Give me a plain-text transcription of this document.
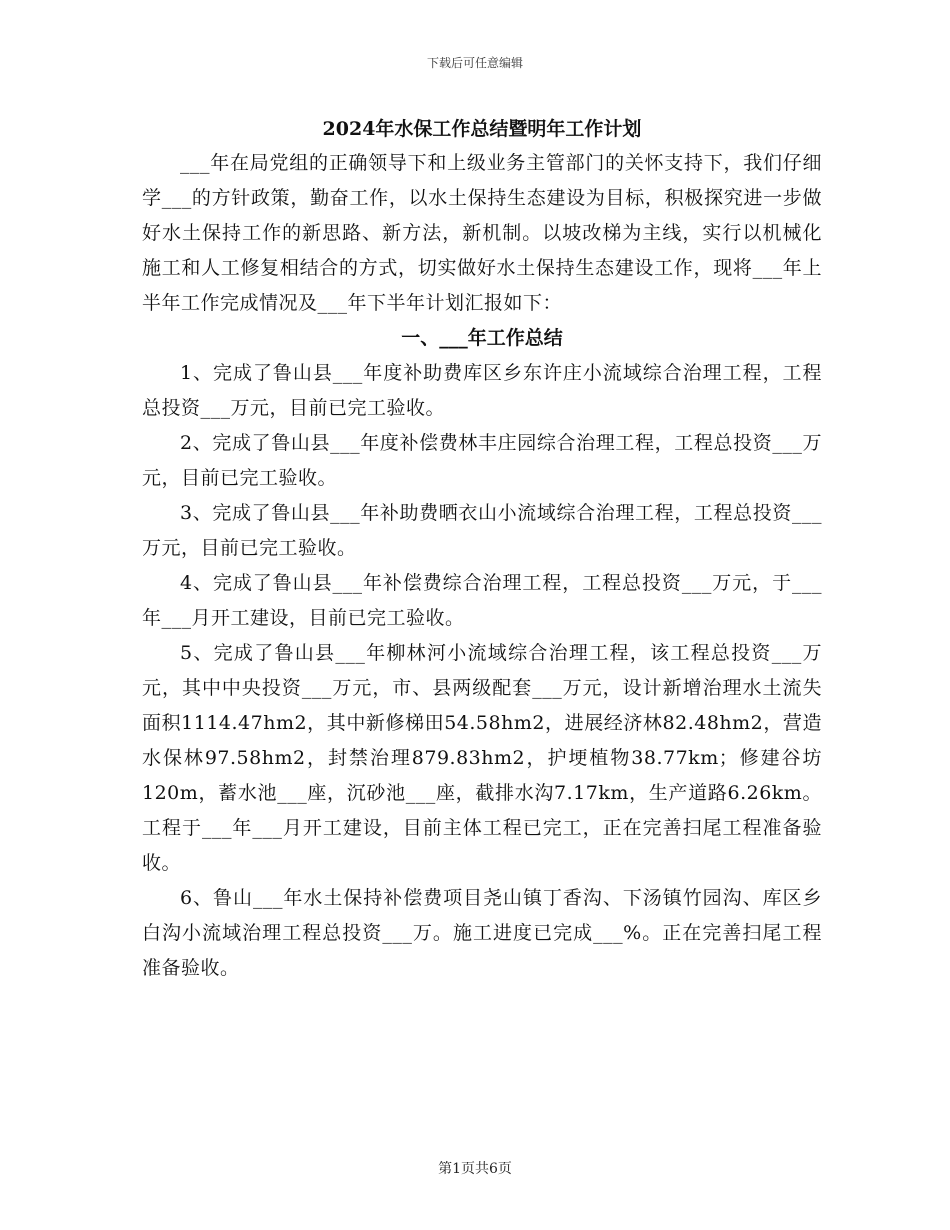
下载后可任意编辑
2024年水保工作总结暨明年工作计划

___年在局党组的正确领导下和上级业务主管部门的关怀支持下，我们仔细学___的方针政策，勤奋工作，以水土保持生态建设为目标，积极探究进一步做好水土保持工作的新思路、新方法，新机制。以坡改梯为主线，实行以机械化施工和人工修复相结合的方式，切实做好水土保持生态建设工作，现将___年上半年工作完成情况及___年下半年计划汇报如下：

一、___年工作总结

1、完成了鲁山县___年度补助费库区乡东许庄小流域综合治理工程，工程总投资___万元，目前已完工验收。

2、完成了鲁山县___年度补偿费林丰庄园综合治理工程，工程总投资___万元，目前已完工验收。

3、完成了鲁山县___年补助费晒衣山小流域综合治理工程，工程总投资___万元，目前已完工验收。

4、完成了鲁山县___年补偿费综合治理工程，工程总投资___万元，于___年___月开工建设，目前已完工验收。

5、完成了鲁山县___年柳林河小流域综合治理工程，该工程总投资___万元，其中中央投资___万元，市、县两级配套___万元，设计新增治理水土流失面积1114.47hm2，其中新修梯田54.58hm2，进展经济林82.48hm2，营造水保林97.58hm2，封禁治理879.83hm2，护埂植物38.77km；修建谷坊120m，蓄水池___座，沉砂池___座，截排水沟7.17km，生产道路6.26km。工程于___年___月开工建设，目前主体工程已完工，正在完善扫尾工程准备验收。

6、鲁山___年水土保持补偿费项目尧山镇丁香沟、下汤镇竹园沟、库区乡白沟小流域治理工程总投资___万。施工进度已完成___%。正在完善扫尾工程准备验收。

第1页共6页
